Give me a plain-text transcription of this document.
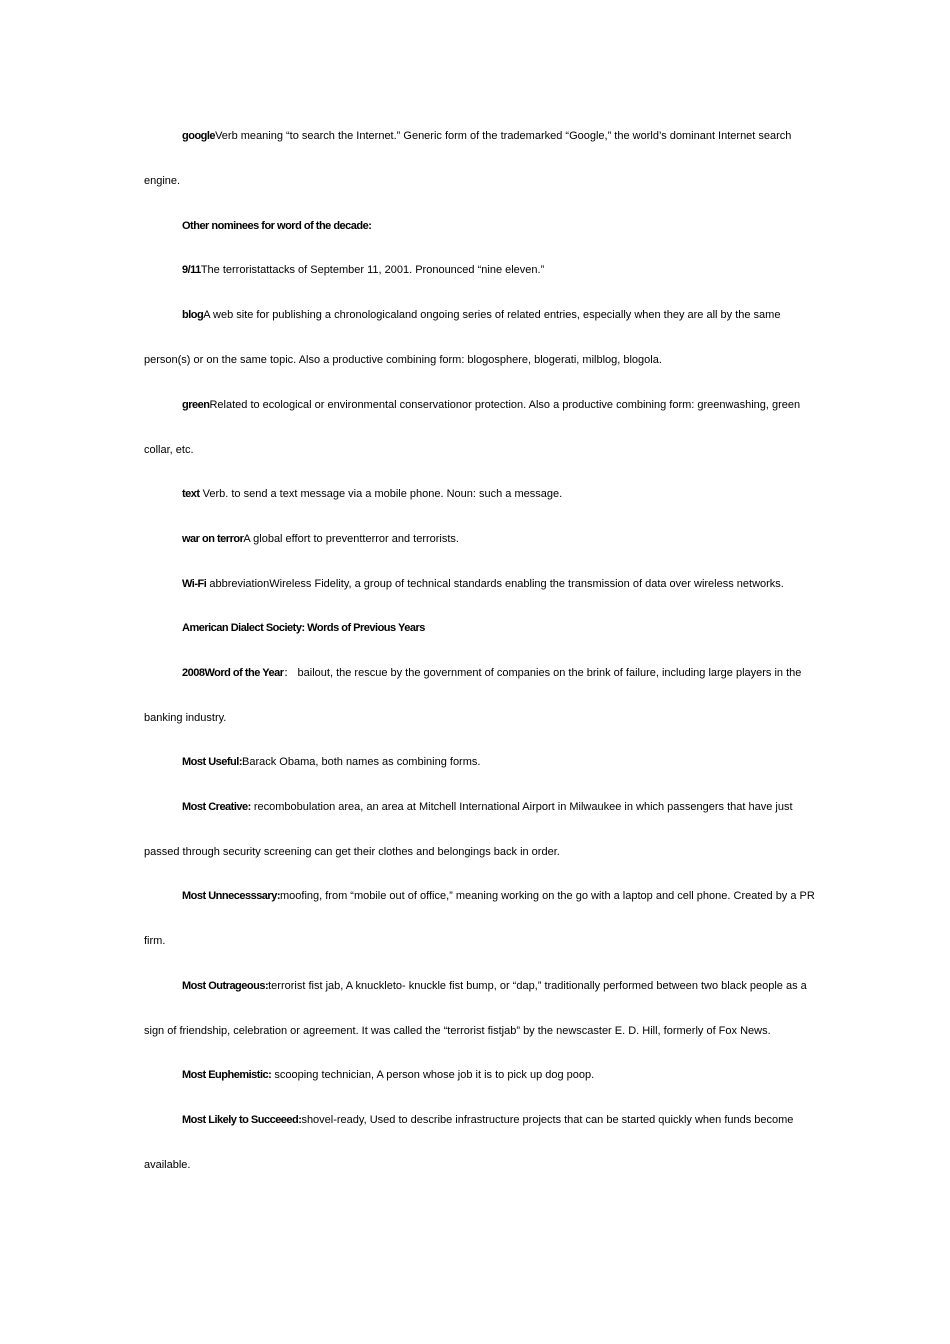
googleVerb meaning “to search the Internet.” Generic form of the trademarked “Google,” the world’s dominant Internet search engine.

Other nominees for word of the decade:

9/11The terroristattacks of September 11, 2001. Pronounced “nine eleven.”

blogA web site for publishing a chronologicaland ongoing series of related entries, especially when they are all by the same person(s) or on the same topic. Also a productive combining form: blogosphere, blogerati, milblog, blogola.

greenRelated to ecological or environmental conservationor protection. Also a productive combining form: greenwashing, green collar, etc.

text Verb. to send a text message via a mobile phone. Noun: such a message.

war on terrorA global effort to preventterror and terrorists.

Wi-Fi abbreviationWireless Fidelity, a group of technical standards enabling the transmission of data over wireless networks.

American Dialect Society: Words of Previous Years

2008Word of the Year： bailout, the rescue by the government of companies on the brink of failure, including large players in the banking industry.

Most Useful:Barack Obama, both names as combining forms.

Most Creative: recombobulation area, an area at Mitchell International Airport in Milwaukee in which passengers that have just passed through security screening can get their clothes and belongings back in order.

Most Unnecesssary:moofing, from “mobile out of office,” meaning working on the go with a laptop and cell phone. Created by a PR firm.

Most Outrageous:terrorist fist jab, A knuckleto- knuckle fist bump, or “dap,” traditionally performed between two black people as a sign of friendship, celebration or agreement. It was called the “terrorist fistjab” by the newscaster E. D. Hill, formerly of Fox News.

Most Euphemistic: scooping technician, A person whose job it is to pick up dog poop.

Most Likely to Succeeed:shovel-ready, Used to describe infrastructure projects that can be started quickly when funds become available.
